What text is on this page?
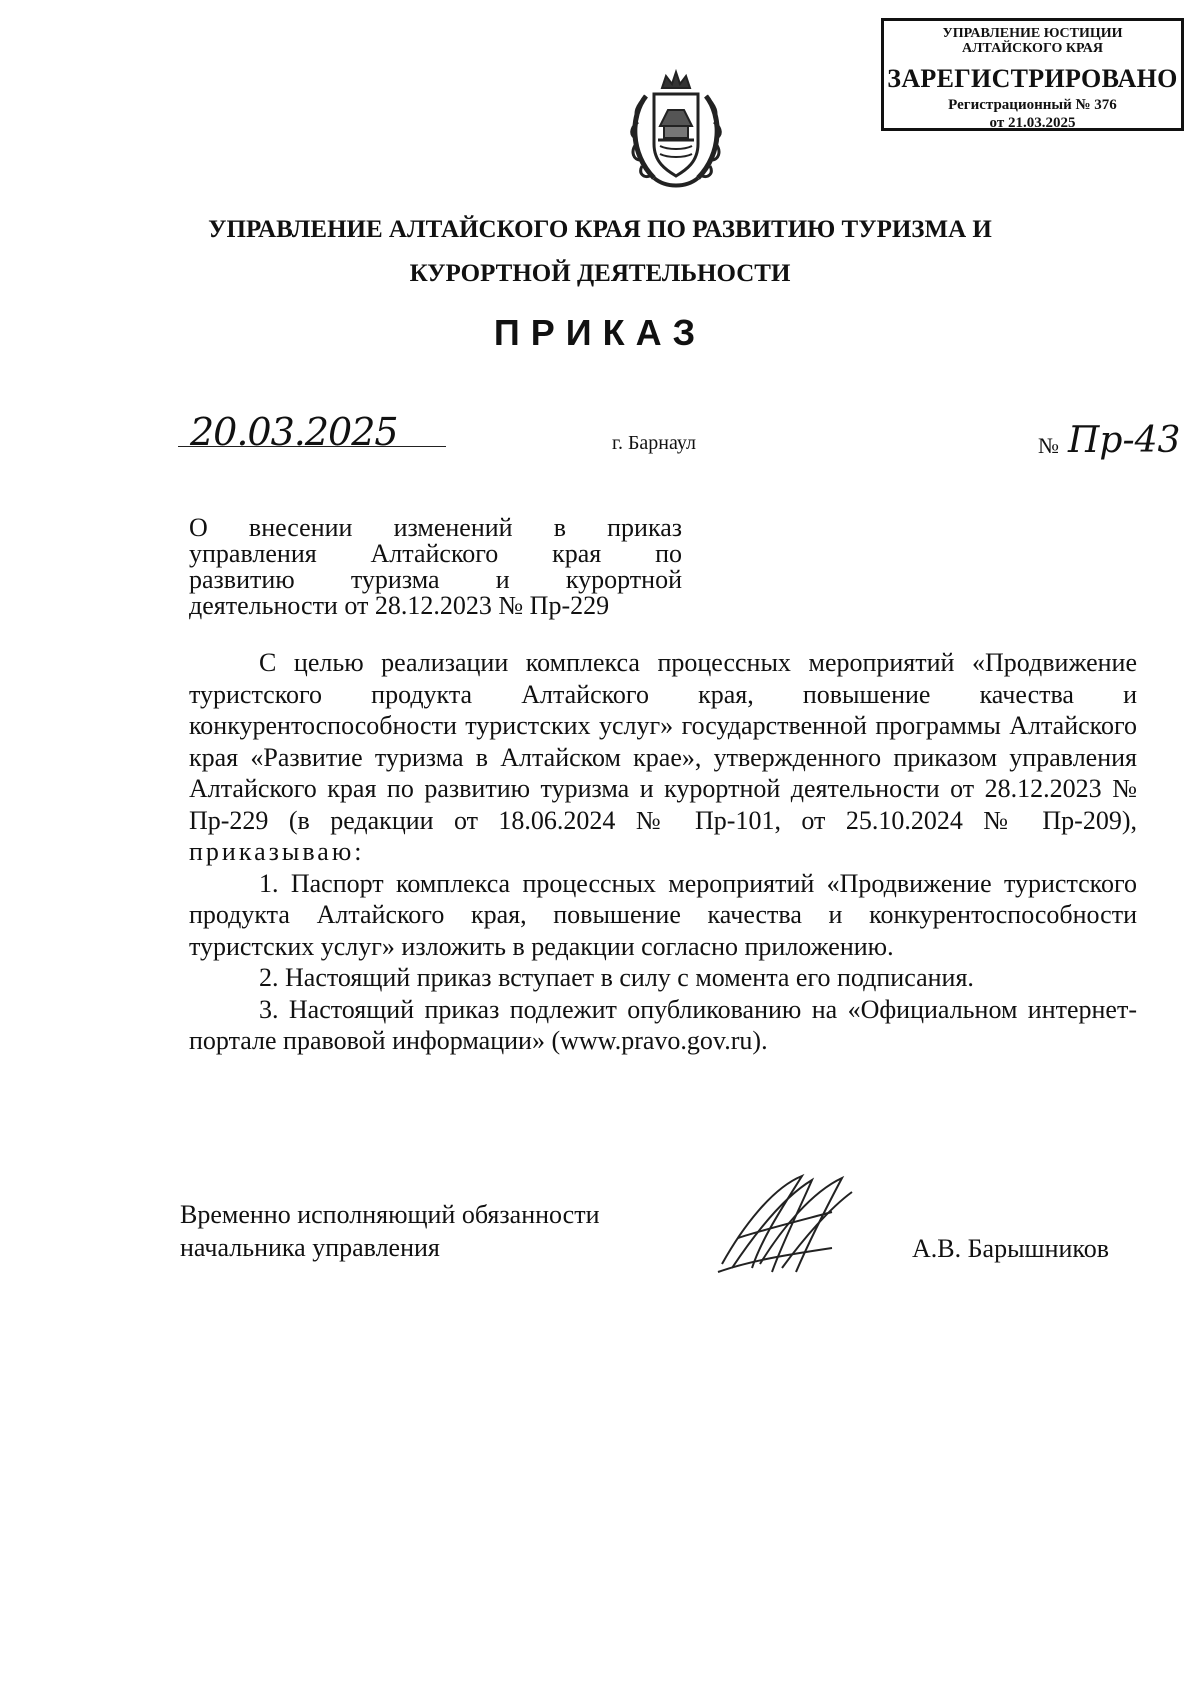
УПРАВЛЕНИЕ ЮСТИЦИИ
АЛТАЙСКОГО КРАЯ
ЗАРЕГИСТРИРОВАНО
Регистрационный № 376
от 21.03.2025
УПРАВЛЕНИЕ АЛТАЙСКОГО КРАЯ ПО РАЗВИТИЮ ТУРИЗМА И
КУРОРТНОЙ ДЕЯТЕЛЬНОСТИ
ПРИКАЗ
20.03.2025	г. Барнаул	№ Пр-43
О внесении изменений в приказ
управления Алтайского края по
развитию туризма и курортной
деятельности от 28.12.2023 № Пр-229

С целью реализации комплекса процессных мероприятий «Продвижение туристского продукта Алтайского края, повышение качества и конкурентоспособности туристских услуг» государственной программы Алтайского края «Развитие туризма в Алтайском крае», утвержденного приказом управления Алтайского края по развитию туризма и курортной деятельности от 28.12.2023 № Пр-229 (в редакции от 18.06.2024 № Пр-101, от 25.10.2024 № Пр-209), приказываю:

1. Паспорт комплекса процессных мероприятий «Продвижение туристского продукта Алтайского края, повышение качества и конкурентоспособности туристских услуг» изложить в редакции согласно приложению.

2. Настоящий приказ вступает в силу с момента его подписания.

3. Настоящий приказ подлежит опубликованию на «Официальном интернет-портале правовой информации» (www.pravo.gov.ru).

Временно исполняющий обязанности
начальника управления	А.В. Барышников
